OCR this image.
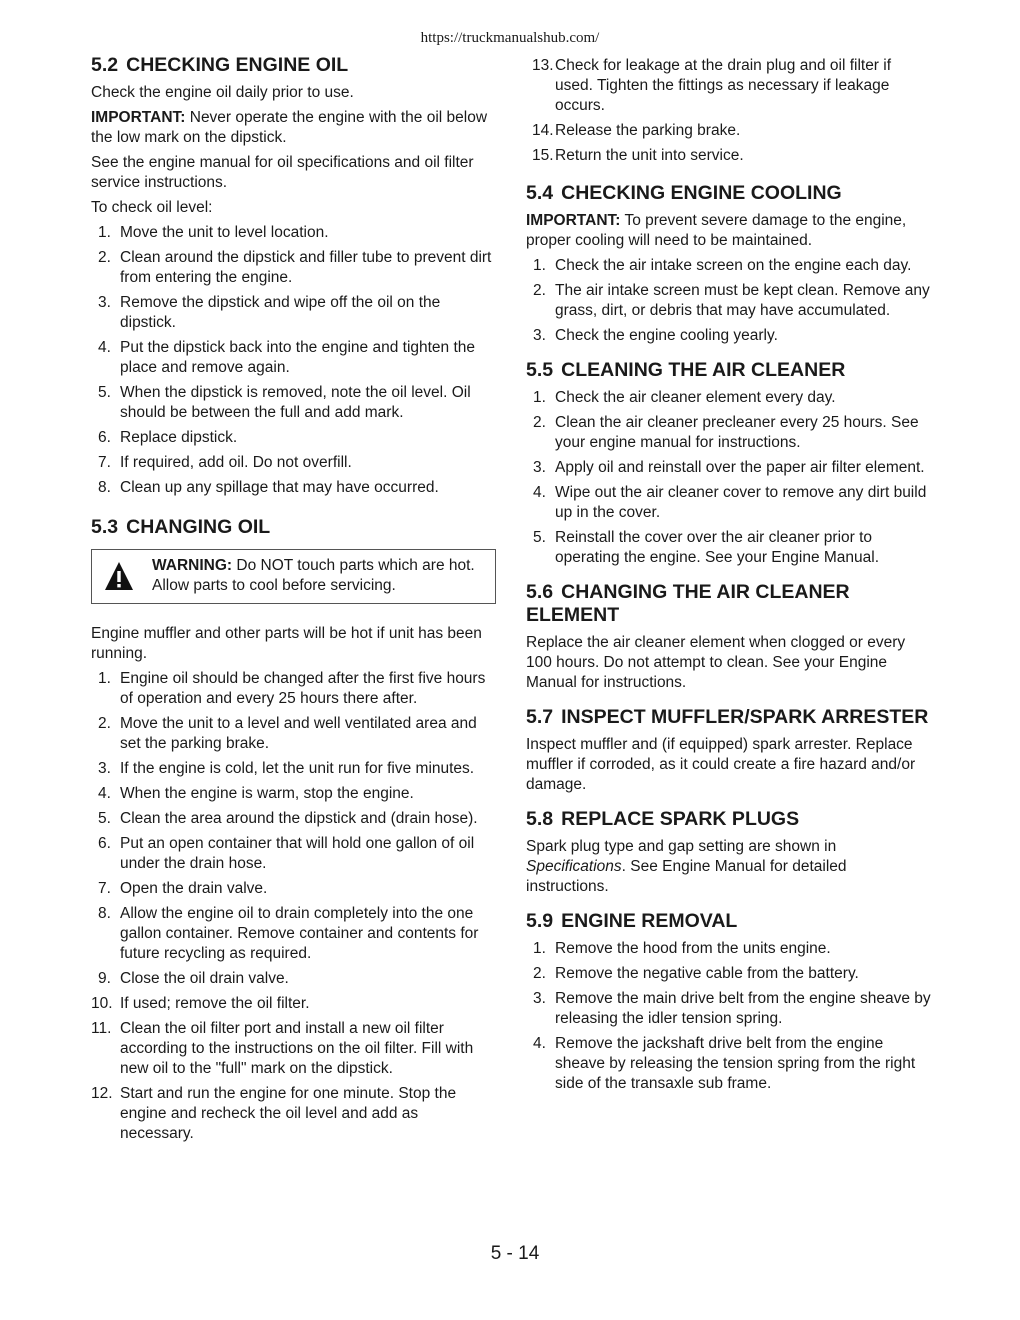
https://truckmanualshub.com/
5.2 CHECKING ENGINE OIL

Check the engine oil daily prior to use.

IMPORTANT: Never operate the engine with the oil below the low mark on the dipstick.

See the engine manual for oil specifications and oil filter service instructions.

To check oil level:

1. Move the unit to level location.
2. Clean around the dipstick and filler tube to prevent dirt from entering the engine.
3. Remove the dipstick and wipe off the oil on the dipstick.
4. Put the dipstick back into the engine and tighten the place and remove again.
5. When the dipstick is removed, note the oil level. Oil should be between the full and add mark.
6. Replace dipstick.
7. If required, add oil. Do not overfill.
8. Clean up any spillage that may have occurred.
5.3 CHANGING OIL
WARNING: Do NOT touch parts which are hot. Allow parts to cool before servicing.

Engine muffler and other parts will be hot if unit has been running.

1. Engine oil should be changed after the first five hours of operation and every 25 hours there after.
2. Move the unit to a level and well ventilated area and set the parking brake.
3. If the engine is cold, let the unit run for five minutes.
4. When the engine is warm, stop the engine.
5. Clean the area around the dipstick and (drain hose).
6. Put an open container that will hold one gallon of oil under the drain hose.
7. Open the drain valve.
8. Allow the engine oil to drain completely into the one gallon container. Remove container and contents for future recycling as required.
9. Close the oil drain valve.
10. If used; remove the oil filter.
11. Clean the oil filter port and install a new oil filter according to the instructions on the oil filter. Fill with new oil to the "full" mark on the dipstick.
12. Start and run the engine for one minute. Stop the engine and recheck the oil level and add as necessary.
13. Check for leakage at the drain plug and oil filter if used. Tighten the fittings as necessary if leakage occurs.
14. Release the parking brake.
15. Return the unit into service.
5.4 CHECKING ENGINE COOLING

IMPORTANT: To prevent severe damage to the engine, proper cooling will need to be maintained.

1. Check the air intake screen on the engine each day.
2. The air intake screen must be kept clean. Remove any grass, dirt, or debris that may have accumulated.
3. Check the engine cooling yearly.
5.5 CLEANING THE AIR CLEANER
1. Check the air cleaner element every day.
2. Clean the air cleaner precleaner every 25 hours. See your engine manual for instructions.
3. Apply oil and reinstall over the paper air filter element.
4. Wipe out the air cleaner cover to remove any dirt build up in the cover.
5. Reinstall the cover over the air cleaner prior to operating the engine. See your Engine Manual.
5.6 CHANGING THE AIR CLEANER ELEMENT

Replace the air cleaner element when clogged or every 100 hours. Do not attempt to clean. See your Engine Manual for instructions.

5.7 INSPECT MUFFLER/SPARK ARRESTER

Inspect muffler and (if equipped) spark arrester. Replace muffler if corroded, as it could create a fire hazard and/or damage.

5.8 REPLACE SPARK PLUGS

Spark plug type and gap setting are shown in Specifications. See Engine Manual for detailed instructions.

5.9 ENGINE REMOVAL
1. Remove the hood from the units engine.
2. Remove the negative cable from the battery.
3. Remove the main drive belt from the engine sheave by releasing the idler tension spring.
4. Remove the jackshaft drive belt from the engine sheave by releasing the tension spring from the right side of the transaxle sub frame.
5 - 14
